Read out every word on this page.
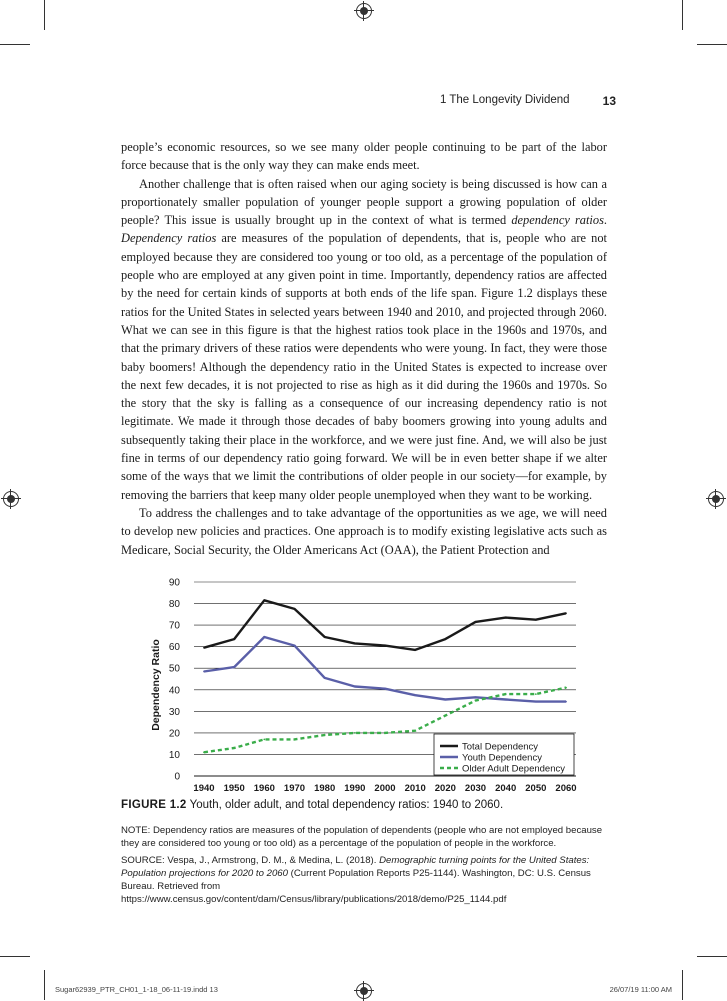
1 The Longevity Dividend	13

people’s economic resources, so we see many older people continuing to be part of the labor force because that is the only way they can make ends meet.

Another challenge that is often raised when our aging society is being discussed is how can a proportionately smaller population of younger people support a growing population of older people? This issue is usually brought up in the context of what is termed dependency ratios. Dependency ratios are measures of the population of dependents, that is, people who are not employed because they are considered too young or too old, as a percentage of the population of people who are employed at any given point in time. Importantly, dependency ratios are affected by the need for certain kinds of supports at both ends of the life span. Figure 1.2 displays these ratios for the United States in selected years between 1940 and 2010, and projected through 2060. What we can see in this figure is that the highest ratios took place in the 1960s and 1970s, and that the primary drivers of these ratios were dependents who were young. In fact, they were those baby boomers! Although the dependency ratio in the United States is expected to increase over the next few decades, it is not projected to rise as high as it did during the 1960s and 1970s. So the story that the sky is falling as a consequence of our increasing dependency ratio is not legitimate. We made it through those decades of baby boomers growing into young adults and subsequently taking their place in the workforce, and we were just fine. And, we will also be just fine in terms of our dependency ratio going forward. We will be in even better shape if we alter some of the ways that we limit the contributions of older people in our society—for example, by removing the barriers that keep many older people unemployed when they want to be working.

To address the challenges and to take advantage of the opportunities as we age, we will need to develop new policies and practices. One approach is to modify existing legislative acts such as Medicare, Social Security, the Older Americans Act (OAA), the Patient Protection and

0
10
20
30
40
50
60
70
80
90
1940 1950 1960 1970 1980 1990 2000 2010 2020 2030 2040 2050 2060
Dependency Ratio
Total Dependency
Youth Dependency
Older Adult Dependency
FIGURE 1.2 Youth, older adult, and total dependency ratios: 1940 to 2060.

NOTE: Dependency ratios are measures of the population of dependents (people who are not employed because they are considered too young or too old) as a percentage of the population of people in the workforce.

SOURCE: Vespa, J., Armstrong, D. M., & Medina, L. (2018). Demographic turning points for the United States: Population projections for 2020 to 2060 (Current Population Reports P25-1144). Washington, DC: U.S. Census Bureau. Retrieved from https://www.census.gov/content/dam/Census/library/publications/2018/demo/P25_1144.pdf

Sugar62939_PTR_CH01_1-18_06-11-19.indd 13	26/07/19 11:00 AM
